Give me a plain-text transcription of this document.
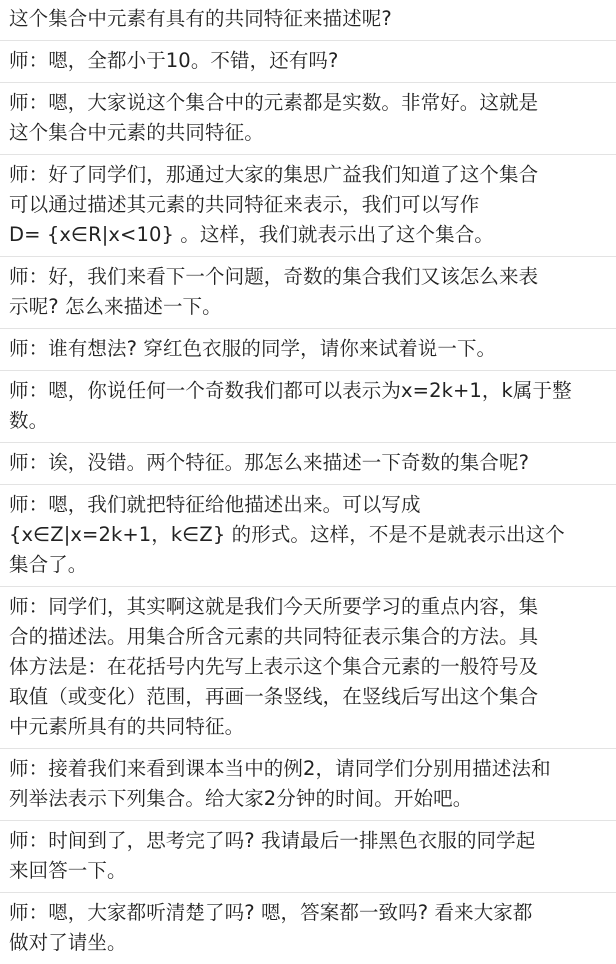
这个集合中元素有具有的共同特征来描述呢?

师：嗯，全都小于10。不错，还有吗?

师：嗯，大家说这个集合中的元素都是实数。非常好。这就是
这个集合中元素的共同特征。

师：好了同学们，那通过大家的集思广益我们知道了这个集合
可以通过描述其元素的共同特征来表示，我们可以写作
D= {x∈R|x<10} 。这样，我们就表示出了这个集合。

师：好，我们来看下一个问题，奇数的集合我们又该怎么来表
示呢? 怎么来描述一下。

师：谁有想法? 穿红色衣服的同学，请你来试着说一下。

师：嗯，你说任何一个奇数我们都可以表示为x=2k+1，k属于整
数。

师：诶，没错。两个特征。那怎么来描述一下奇数的集合呢?

师：嗯，我们就把特征给他描述出来。可以写成
{x∈Z|x=2k+1，k∈Z} 的形式。这样，不是不是就表示出这个
集合了。

师：同学们，其实啊这就是我们今天所要学习的重点内容，集
合的描述法。用集合所含元素的共同特征表示集合的方法。具
体方法是：在花括号内先写上表示这个集合元素的一般符号及
取值（或变化）范围，再画一条竖线，在竖线后写出这个集合
中元素所具有的共同特征。

师：接着我们来看到课本当中的例2，请同学们分别用描述法和
列举法表示下列集合。给大家2分钟的时间。开始吧。

师：时间到了，思考完了吗? 我请最后一排黑色衣服的同学起
来回答一下。

师：嗯，大家都听清楚了吗? 嗯，答案都一致吗? 看来大家都
做对了请坐。
